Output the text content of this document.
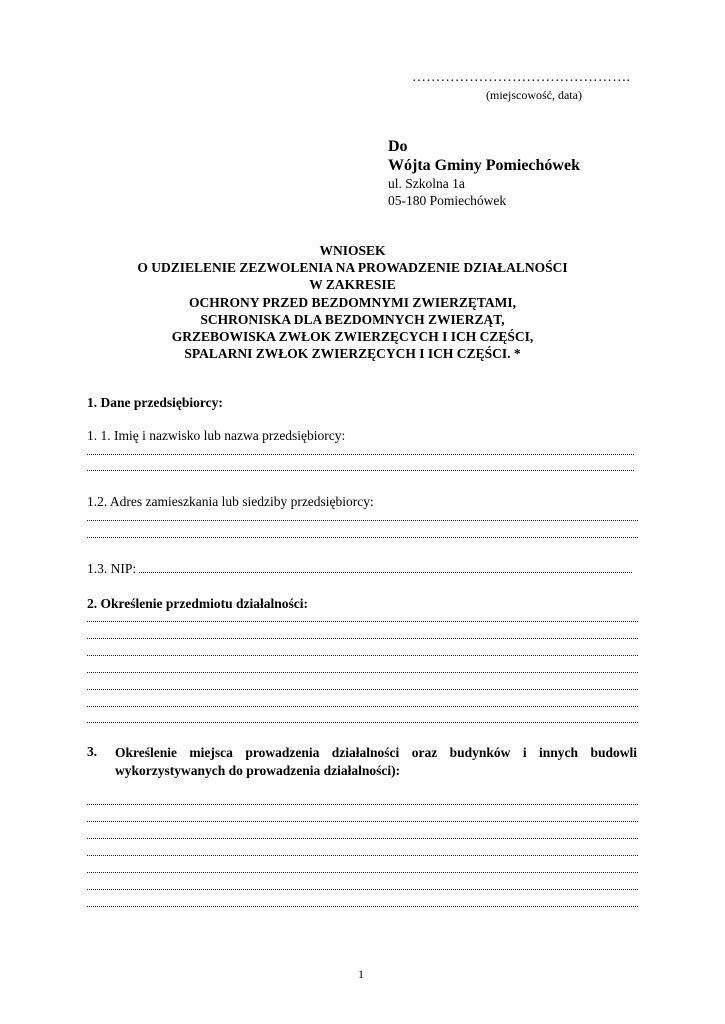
……………………………………….
(miejscowość, data)
Do
Wójta Gminy Pomiechówek
ul. Szkolna 1a
05-180 Pomiechówek
WNIOSEK
O UDZIELENIE ZEZWOLENIA NA PROWADZENIE DZIAŁALNOŚCI
W ZAKRESIE
OCHRONY PRZED BEZDOMNYMI ZWIERZĘTAMI,
SCHRONISKA DLA BEZDOMNYCH ZWIERZĄT,
GRZEBOWISKA ZWŁOK ZWIERZĘCYCH I ICH CZĘŚCI,
SPALARNI ZWŁOK ZWIERZĘCYCH I ICH CZĘŚCI. *
1. Dane przedsiębiorcy:
1. 1. Imię i nazwisko lub nazwa przedsiębiorcy:
1.2. Adres zamieszkania lub siedziby przedsiębiorcy:
1.3. NIP:
2. Określenie przedmiotu działalności:
3. Określenie miejsca prowadzenia działalności oraz budynków i innych budowli wykorzystywanych do prowadzenia działalności):
1
